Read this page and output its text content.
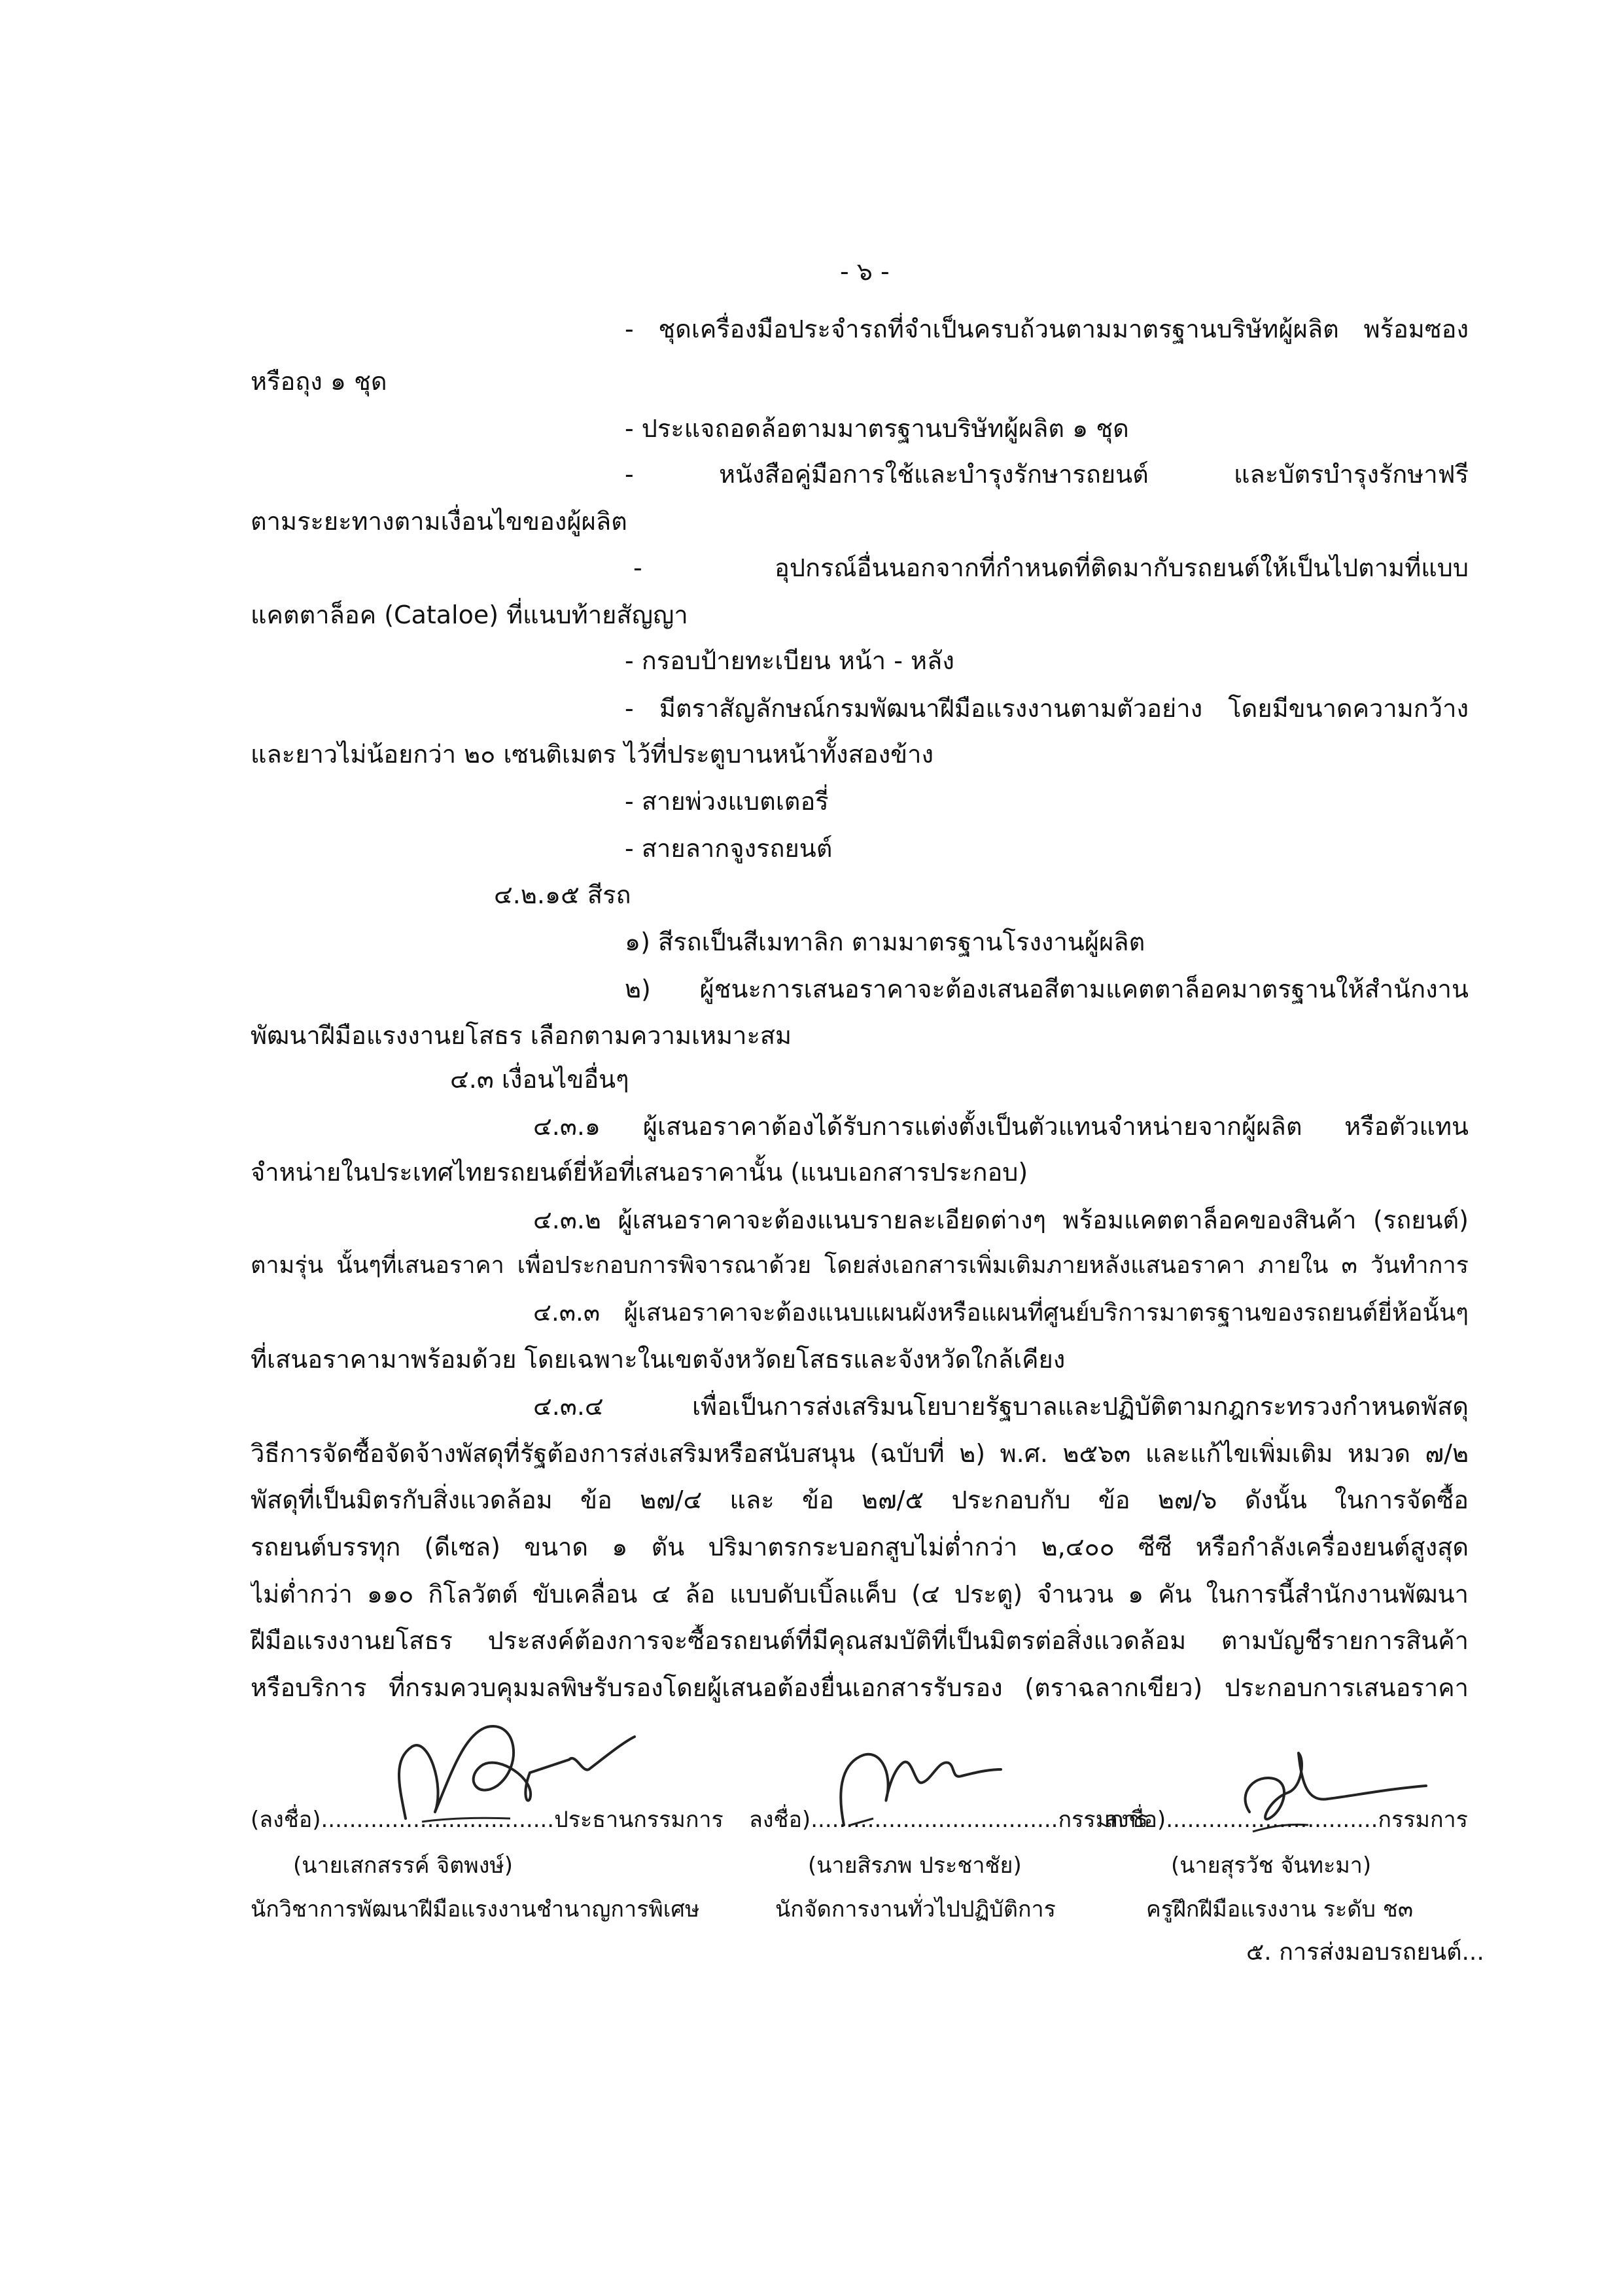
- ๖ -
- ชุดเครื่องมือประจำรถที่จำเป็นครบถ้วนตามมาตรฐานบริษัทผู้ผลิต พร้อมซอง
หรือถุง ๑ ชุด
- ประแจถอดล้อตามมาตรฐานบริษัทผู้ผลิต ๑ ชุด
- หนังสือคู่มือการใช้และบำรุงรักษารถยนต์ และบัตรบำรุงรักษาฟรี
ตามระยะทางตามเงื่อนไขของผู้ผลิต
- อุปกรณ์อื่นนอกจากที่กำหนดที่ติดมากับรถยนต์ให้เป็นไปตามที่แบบ
แคตตาล็อค (Cataloe) ที่แนบท้ายสัญญา
- กรอบป้ายทะเบียน หน้า - หลัง
- มีตราสัญลักษณ์กรมพัฒนาฝีมือแรงงานตามตัวอย่าง โดยมีขนาดความกว้าง
และยาวไม่น้อยกว่า ๒๐ เซนติเมตร ไว้ที่ประตูบานหน้าทั้งสองข้าง
- สายพ่วงแบตเตอรี่
- สายลากจูงรถยนต์
๔.๒.๑๕ สีรถ
๑) สีรถเป็นสีเมทาลิก ตามมาตรฐานโรงงานผู้ผลิต
๒) ผู้ชนะการเสนอราคาจะต้องเสนอสีตามแคตตาล็อคมาตรฐานให้สำนักงาน
พัฒนาฝีมือแรงงานยโสธร เลือกตามความเหมาะสม
๔.๓ เงื่อนไขอื่นๆ
๔.๓.๑ ผู้เสนอราคาต้องได้รับการแต่งตั้งเป็นตัวแทนจำหน่ายจากผู้ผลิต หรือตัวแทน
จำหน่ายในประเทศไทยรถยนต์ยี่ห้อที่เสนอราคานั้น (แนบเอกสารประกอบ)
๔.๓.๒ ผู้เสนอราคาจะต้องแนบรายละเอียดต่างๆ พร้อมแคตตาล็อคของสินค้า (รถยนต์)
ตามรุ่น นั้นๆที่เสนอราคา เพื่อประกอบการพิจารณาด้วย โดยส่งเอกสารเพิ่มเติมภายหลังแสนอราคา ภายใน ๓ วันทำการ
๔.๓.๓ ผู้เสนอราคาจะต้องแนบแผนผังหรือแผนที่ศูนย์บริการมาตรฐานของรถยนต์ยี่ห้อนั้นๆ
ที่เสนอราคามาพร้อมด้วย โดยเฉพาะในเขตจังหวัดยโสธรและจังหวัดใกล้เคียง
๔.๓.๔ เพื่อเป็นการส่งเสริมนโยบายรัฐบาลและปฏิบัติตามกฎกระทรวงกำหนดพัสดุ
วิธีการจัดซื้อจัดจ้างพัสดุที่รัฐต้องการส่งเสริมหรือสนับสนุน (ฉบับที่ ๒) พ.ศ. ๒๕๖๓ และแก้ไขเพิ่มเติม หมวด ๗/๒
พัสดุที่เป็นมิตรกับสิ่งแวดล้อม ข้อ ๒๗/๔ และ ข้อ ๒๗/๕ ประกอบกับ ข้อ ๒๗/๖ ดังนั้น ในการจัดซื้อ
รถยนต์บรรทุก (ดีเซล) ขนาด ๑ ตัน ปริมาตรกระบอกสูบไม่ต่ำกว่า ๒,๔๐๐ ซีซี หรือกำลังเครื่องยนต์สูงสุด
ไม่ต่ำกว่า ๑๑๐ กิโลวัตต์ ขับเคลื่อน ๔ ล้อ แบบดับเบิ้ลแค็บ (๔ ประตู) จำนวน ๑ คัน ในการนี้สำนักงานพัฒนา
ฝีมือแรงงานยโสธร ประสงค์ต้องการจะซื้อรถยนต์ที่มีคุณสมบัติที่เป็นมิตรต่อสิ่งแวดล้อม ตามบัญชีรายการสินค้า
หรือบริการ ที่กรมควบคุมมลพิษรับรองโดยผู้เสนอต้องยื่นเอกสารรับรอง (ตราฉลากเขียว) ประกอบการเสนอราคา
(ลงชื่อ).................................ประธานกรรมการ
(นายเสกสรรค์ จิตพงษ์)
นักวิชาการพัฒนาฝีมือแรงงานชำนาญการพิเศษ
ลงชื่อ)...................................กรรมการ
(นายสิรภพ ประชาชัย)
นักจัดการงานทั่วไปปฏิบัติการ
ลงชื่อ)..............................กรรมการ
(นายสุรวัช จันทะมา)
ครูฝึกฝีมือแรงงาน ระดับ ช๓
๕. การส่งมอบรถยนต์...
